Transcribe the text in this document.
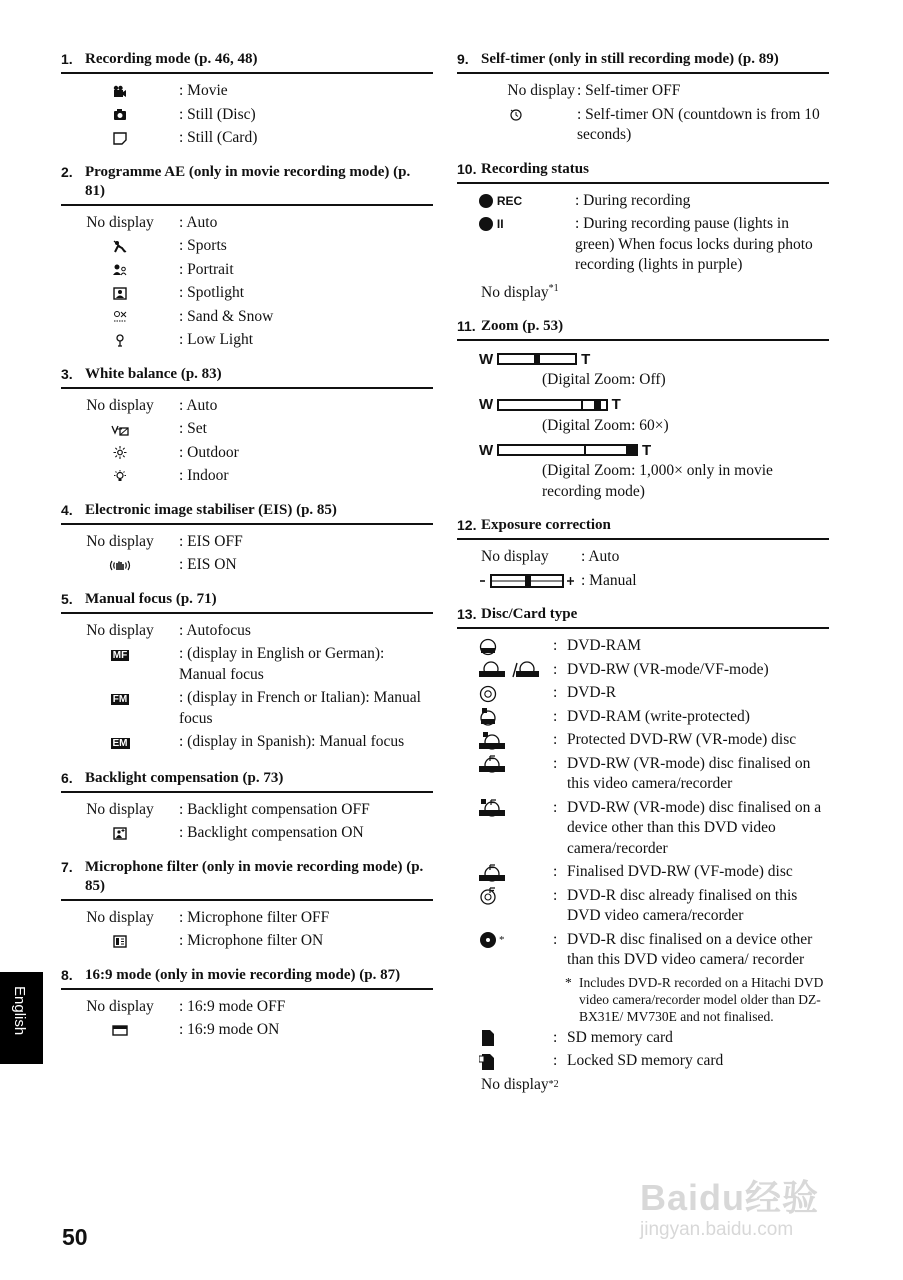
1. Recording mode (p. 46, 48)
: Movie
: Still (Disc)
: Still (Card)
2. Programme AE (only in movie recording mode) (p. 81)
No display	: Auto
: Sports
: Portrait
: Spotlight
: Sand & Snow
: Low Light
3. White balance (p. 83)
No display	: Auto
: Set
: Outdoor
: Indoor
4. Electronic image stabiliser (EIS) (p. 85)
No display	: EIS OFF
: EIS ON
5. Manual focus (p. 71)
No display	: Autofocus
MF	: (display in English or German): Manual focus
FM	: (display in French or Italian): Manual focus
EM	: (display in Spanish): Manual focus
6. Backlight compensation (p. 73)
No display	: Backlight compensation OFF
: Backlight compensation ON
7. Microphone filter (only in movie recording mode) (p. 85)
No display	: Microphone filter OFF
: Microphone filter ON
8. 16:9 mode (only in movie recording mode) (p. 87)
No display	: 16:9 mode OFF
: 16:9 mode ON
9. Self-timer (only in still recording mode) (p. 89)
No display : Self-timer OFF
: Self-timer ON (countdown is from 10 seconds)
10. Recording status
REC	: During recording
II	: During recording pause (lights in green) When focus locks during photo recording (lights in purple)
No display$^{*1}$
11. Zoom (p. 53)
W	T
(Digital Zoom: Off)
W	T
(Digital Zoom: 60×)
W	T
(Digital Zoom: 1,000× only in movie recording mode)
12. Exposure correction
No display	: Auto
: Manual
13. Disc/Card type
: DVD-RAM
: DVD-RW (VR-mode/VF-mode)
: DVD-R
: DVD-RAM (write-protected)
: Protected DVD-RW (VR-mode) disc
: DVD-RW (VR-mode) disc finalised on this video camera/recorder
: DVD-RW (VR-mode) disc finalised on a device other than this DVD video camera/recorder
: Finalised DVD-RW (VF-mode) disc
: DVD-R disc already finalised on this DVD video camera/recorder
*	: DVD-R disc finalised on a device other than this DVD video camera/ recorder
* Includes DVD-R recorded on a Hitachi DVD video camera/recorder model older than DZ-BX31E/ MV730E and not finalised.
: SD memory card
: Locked SD memory card
No display *2
English
50
Baidu经验
jingyan.baidu.com
